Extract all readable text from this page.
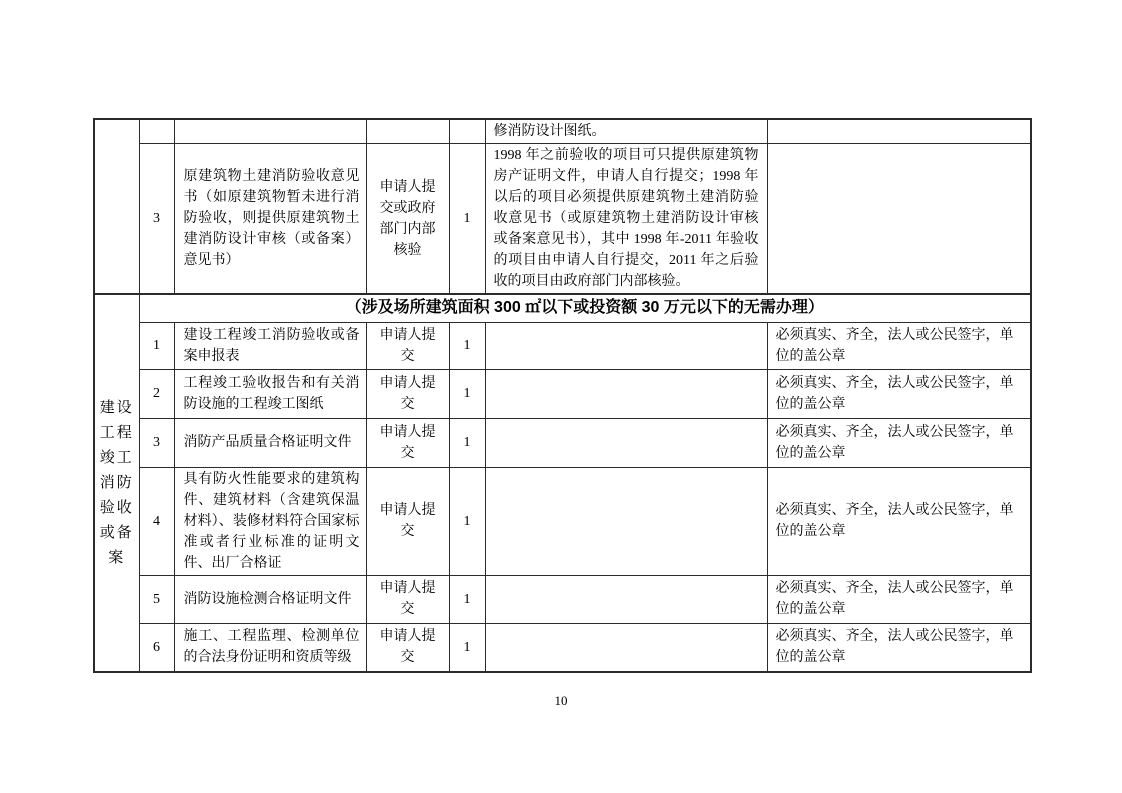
					修消防设计图纸。	
	3	原建筑物土建消防验收意见书（如原建筑物暂未进行消防验收，则提供原建筑物土建消防设计审核（或备案）意见书）	申请人提交或政府部门内部核验	1	1998 年之前验收的项目可只提供原建筑物房产证明文件，申请人自行提交；1998 年以后的项目必须提供原建筑物土建消防验收意见书（或原建筑物土建消防设计审核或备案意见书），其中 1998 年-2011 年验收的项目由申请人自行提交，2011 年之后验收的项目由政府部门内部核验。	

建设工程竣工消防验收或备案	（涉及场所建筑面积 300 ㎡以下或投资额 30 万元以下的无需办理）					
	1	建设工程竣工消防验收或备案申报表	申请人提交	1		必须真实、齐全，法人或公民签字，单位的盖公章
	2	工程竣工验收报告和有关消防设施的工程竣工图纸	申请人提交	1		必须真实、齐全，法人或公民签字，单位的盖公章
	3	消防产品质量合格证明文件	申请人提交	1		必须真实、齐全，法人或公民签字，单位的盖公章
	4	具有防火性能要求的建筑构件、建筑材料（含建筑保温材料）、装修材料符合国家标准或者行业标准的证明文件、出厂合格证	申请人提交	1		必须真实、齐全，法人或公民签字，单位的盖公章
	5	消防设施检测合格证明文件	申请人提交	1		必须真实、齐全，法人或公民签字，单位的盖公章
	6	施工、工程监理、检测单位的合法身份证明和资质等级	申请人提交	1		必须真实、齐全，法人或公民签字，单位的盖公章
10
